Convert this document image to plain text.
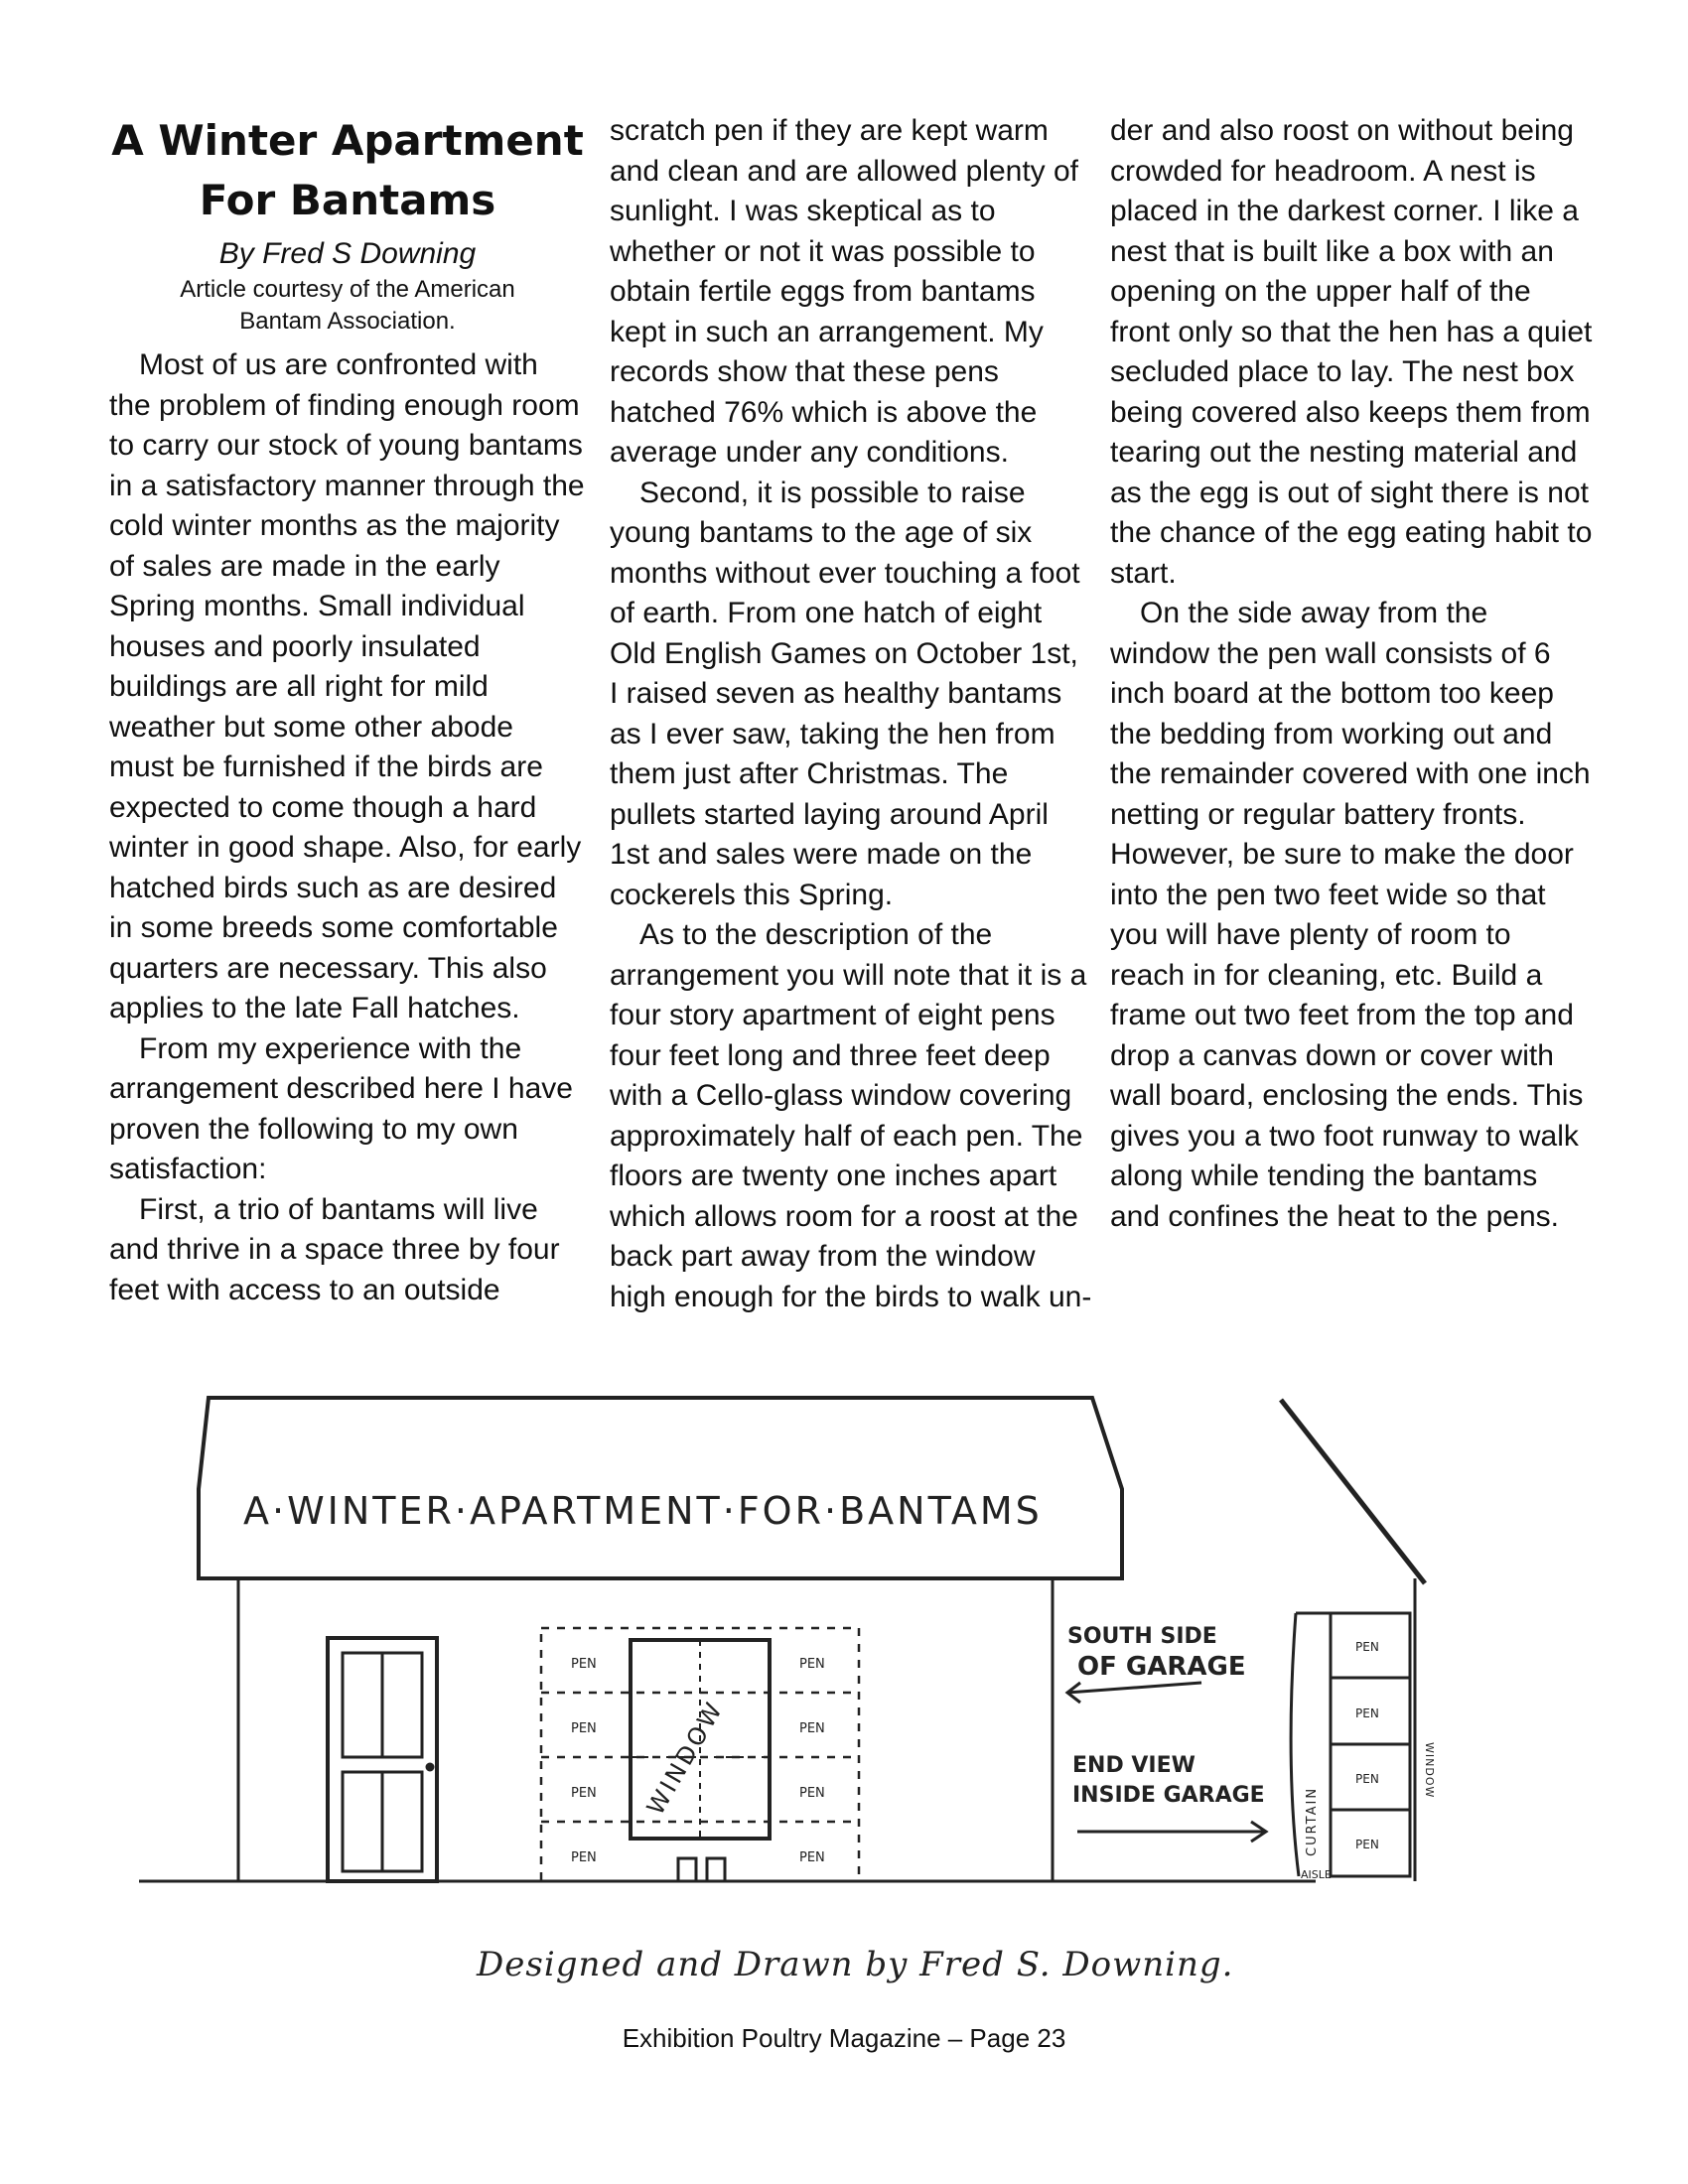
A Winter Apartment
For Bantams
By Fred S Downing
Article courtesy of the American
Bantam Association.

Most of us are confronted with the problem of finding enough room to carry our stock of young bantams in a satisfactory manner through the cold winter months as the majority of sales are made in the early Spring months. Small individual houses and poorly insulated buildings are all right for mild weather but some other abode must be furnished if the birds are expected to come though a hard winter in good shape. Also, for early hatched birds such as are desired in some breeds some comfortable quarters are necessary. This also applies to the late Fall hatches.

From my experience with the arrangement described here I have proven the following to my own satisfaction:

First, a trio of bantams will live and thrive in a space three by four feet with access to an outside

scratch pen if they are kept warm and clean and are allowed plenty of sunlight. I was skeptical as to whether or not it was possible to obtain fertile eggs from bantams kept in such an arrangement. My records show that these pens hatched 76% which is above the average under any conditions.

Second, it is possible to raise young bantams to the age of six months without ever touching a foot of earth. From one hatch of eight Old English Games on October 1st, I raised seven as healthy bantams as I ever saw, taking the hen from them just after Christmas. The pullets started laying around April 1st and sales were made on the cockerels this Spring.

As to the description of the arrangement you will note that it is a four story apartment of eight pens four feet long and three feet deep with a Cello-glass window covering approximately half of each pen. The floors are twenty one inches apart which allows room for a roost at the back part away from the window high enough for the birds to walk un-

der and also roost on without being crowded for headroom. A nest is placed in the darkest corner. I like a nest that is built like a box with an opening on the upper half of the front only so that the hen has a quiet secluded place to lay. The nest box being covered also keeps them from tearing out the nesting material and as the egg is out of sight there is not the chance of the egg eating habit to start.

On the side away from the window the pen wall consists of 6 inch board at the bottom too keep the bedding from working out and the remainder covered with one inch netting or regular battery fronts. However, be sure to make the door into the pen two feet wide so that you will have plenty of room to reach in for cleaning, etc. Build a frame out two feet from the top and drop a canvas down or cover with wall board, enclosing the ends. This gives you a two foot runway to walk along while tending the bantams and confines the heat to the pens.

A·WINTER·APARTMENT·FOR·BANTAMS
WINDOW
PEN
PEN
PEN
PEN
PEN
PEN
PEN
PEN
SOUTH SIDE
OF GARAGE
END VIEW
INSIDE GARAGE	CURTAIN
AISLE
WINDOW
PEN
PEN
PEN
PEN
Designed and Drawn by Fred S. Downing.
Exhibition Poultry Magazine – Page 23
